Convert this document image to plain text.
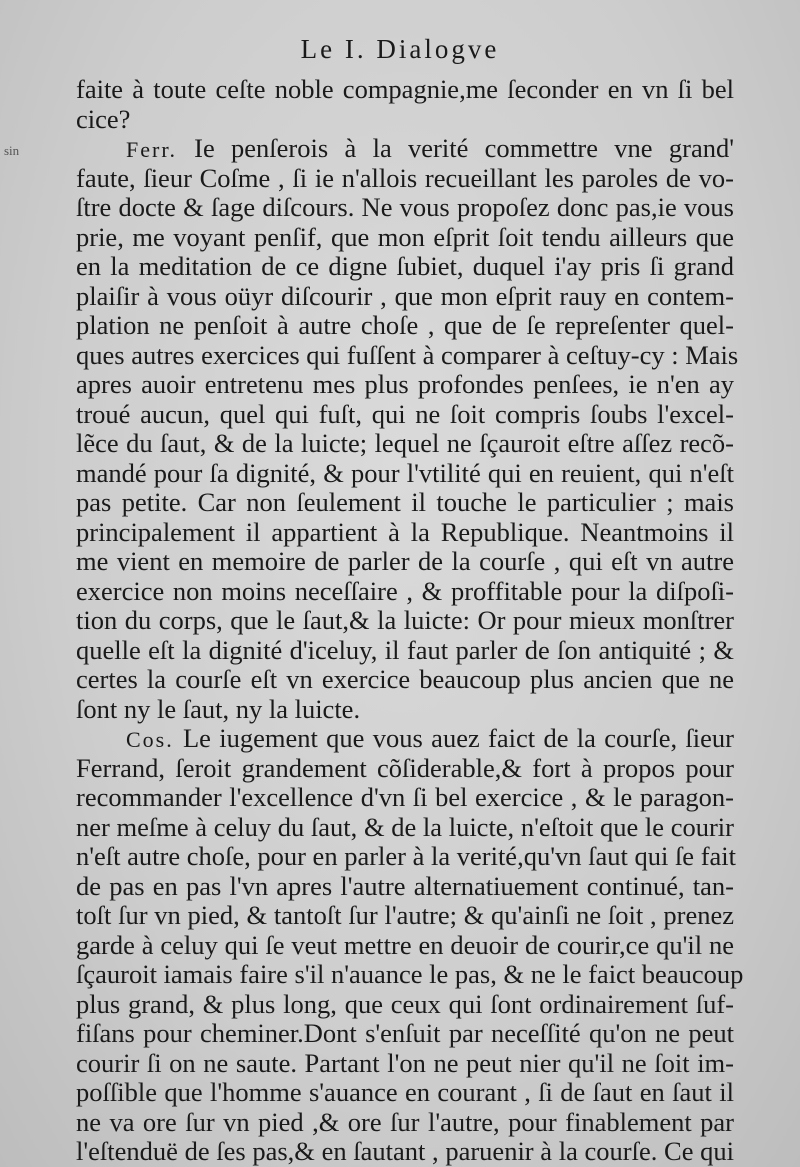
Le I. Dialogve
sin
faite à toute ceſte noble compagnie,me ſeconder en vn ſi bel
cice?
Ferr. Ie penſerois à la verité commettre vne grand'
faute, ſieur Coſme , ſi ie n'allois recueillant les paroles de vo-
ſtre docte & ſage diſcours. Ne vous propoſez donc pas,ie vous
prie, me voyant penſif, que mon eſprit ſoit tendu ailleurs que
en la meditation de ce digne ſubiet, duquel i'ay pris ſi grand
plaiſir à vous oüyr diſcourir , que mon eſprit rauy en contem-
plation ne penſoit à autre choſe , que de ſe repreſenter quel-
ques autres exercices qui fuſſent à comparer à ceſtuy-cy : Mais
apres auoir entretenu mes plus profondes penſees, ie n'en ay
troué aucun, quel qui fuſt, qui ne ſoit compris ſoubs l'excel-
lẽce du ſaut, & de la luicte; lequel ne ſçauroit eſtre aſſez recõ-
mandé pour ſa dignité, & pour l'vtilité qui en reuient, qui n'eſt
pas petite. Car non ſeulement il touche le particulier ; mais
principalement il appartient à la Republique. Neantmoins il
me vient en memoire de parler de la courſe , qui eſt vn autre
exercice non moins neceſſaire , & proffitable pour la diſpoſi-
tion du corps, que le ſaut,& la luicte: Or pour mieux monſtrer
quelle eſt la dignité d'iceluy, il faut parler de ſon antiquité ; &
certes la courſe eſt vn exercice beaucoup plus ancien que ne
ſont ny le ſaut, ny la luicte.
Cos. Le iugement que vous auez faict de la courſe, ſieur
Ferrand, ſeroit grandement cõſiderable,& fort à propos pour
recommander l'excellence d'vn ſi bel exercice , & le paragon-
ner meſme à celuy du ſaut, & de la luicte, n'eſtoit que le courir
n'eſt autre choſe, pour en parler à la verité,qu'vn ſaut qui ſe fait
de pas en pas l'vn apres l'autre alternatiuement continué, tan-
toſt ſur vn pied, & tantoſt ſur l'autre; & qu'ainſi ne ſoit , prenez
garde à celuy qui ſe veut mettre en deuoir de courir,ce qu'il ne
ſçauroit iamais faire s'il n'auance le pas, & ne le faict beaucoup
plus grand, & plus long, que ceux qui ſont ordinairement ſuf-
fiſans pour cheminer.Dont s'enſuit par neceſſité qu'on ne peut
courir ſi on ne saute. Partant l'on ne peut nier qu'il ne ſoit im-
poſſible que l'homme s'auance en courant , ſi de ſaut en ſaut il
ne va ore ſur vn pied ,& ore ſur l'autre, pour finablement par
l'eſtenduë de ſes pas,& en ſautant , paruenir à la courſe. Ce qui
